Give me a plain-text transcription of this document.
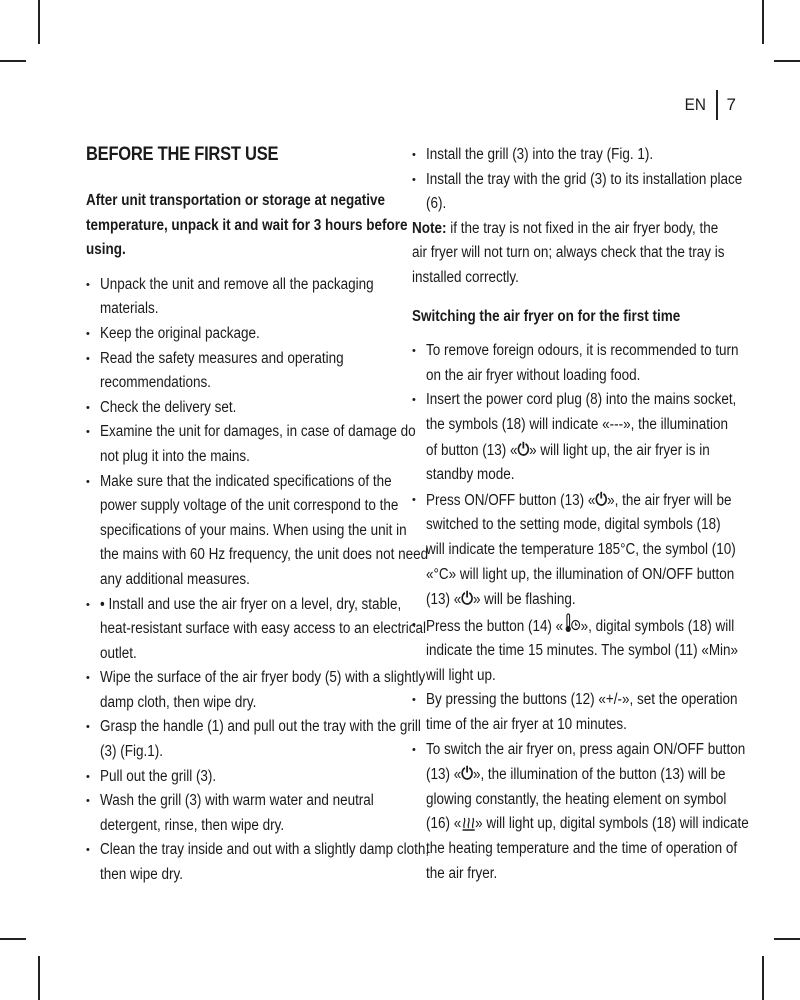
EN	7
BEFORE THE FIRST USE

After unit transportation or storage at negative
temperature, unpack it and wait for 3 hours before
using.

• Unpack the unit and remove all the packaging
materials.
• Keep the original package.
• Read the safety measures and operating
recommendations.
• Check the delivery set.
• Examine the unit for damages, in case of damage do
not plug it into the mains.
• Make sure that the indicated specifications of the
power supply voltage of the unit correspond to the
specifications of your mains. When using the unit in
the mains with 60 Hz frequency, the unit does not need
any additional measures.
• • Install and use the air fryer on a level, dry, stable,
heat-resistant surface with easy access to an electrical
outlet.
• Wipe the surface of the air fryer body (5) with a slightly
damp cloth, then wipe dry.
• Grasp the handle (1) and pull out the tray with the grill
(3) (Fig.1).
• Pull out the grill (3).
• Wash the grill (3) with warm water and neutral
detergent, rinse, then wipe dry.
• Clean the tray inside and out with a slightly damp cloth,
then wipe dry.
• Install the grill (3) into the tray (Fig. 1).
• Install the tray with the grid (3) to its installation place
(6).

Note: if the tray is not fixed in the air fryer body, the
air fryer will not turn on; always check that the tray is
installed correctly.

Switching the air fryer on for the first time
• To remove foreign odours, it is recommended to turn
on the air fryer without loading food.
• Insert the power cord plug (8) into the mains socket,
the symbols (18) will indicate «---», the illumination
of button (13) «⏻» will light up, the air fryer is in
standby mode.
• Press ON/OFF button (13) «⏻», the air fryer will be
switched to the setting mode, digital symbols (18)
will indicate the temperature 185°C, the symbol (10)
«°C» will light up, the illumination of ON/OFF button
(13) «⏻» will be flashing.
• Press the button (14) « », digital symbols (18) will
indicate the time 15 minutes. The symbol (11) «Min»
will light up.
• By pressing the buttons (12) «+/-», set the operation
time of the air fryer at 10 minutes.
• To switch the air fryer on, press again ON/OFF button
(13) «⏻», the illumination of the button (13) will be
glowing constantly, the heating element on symbol
(16) « » will light up, digital symbols (18) will indicate
the heating temperature and the time of operation of
the air fryer.
